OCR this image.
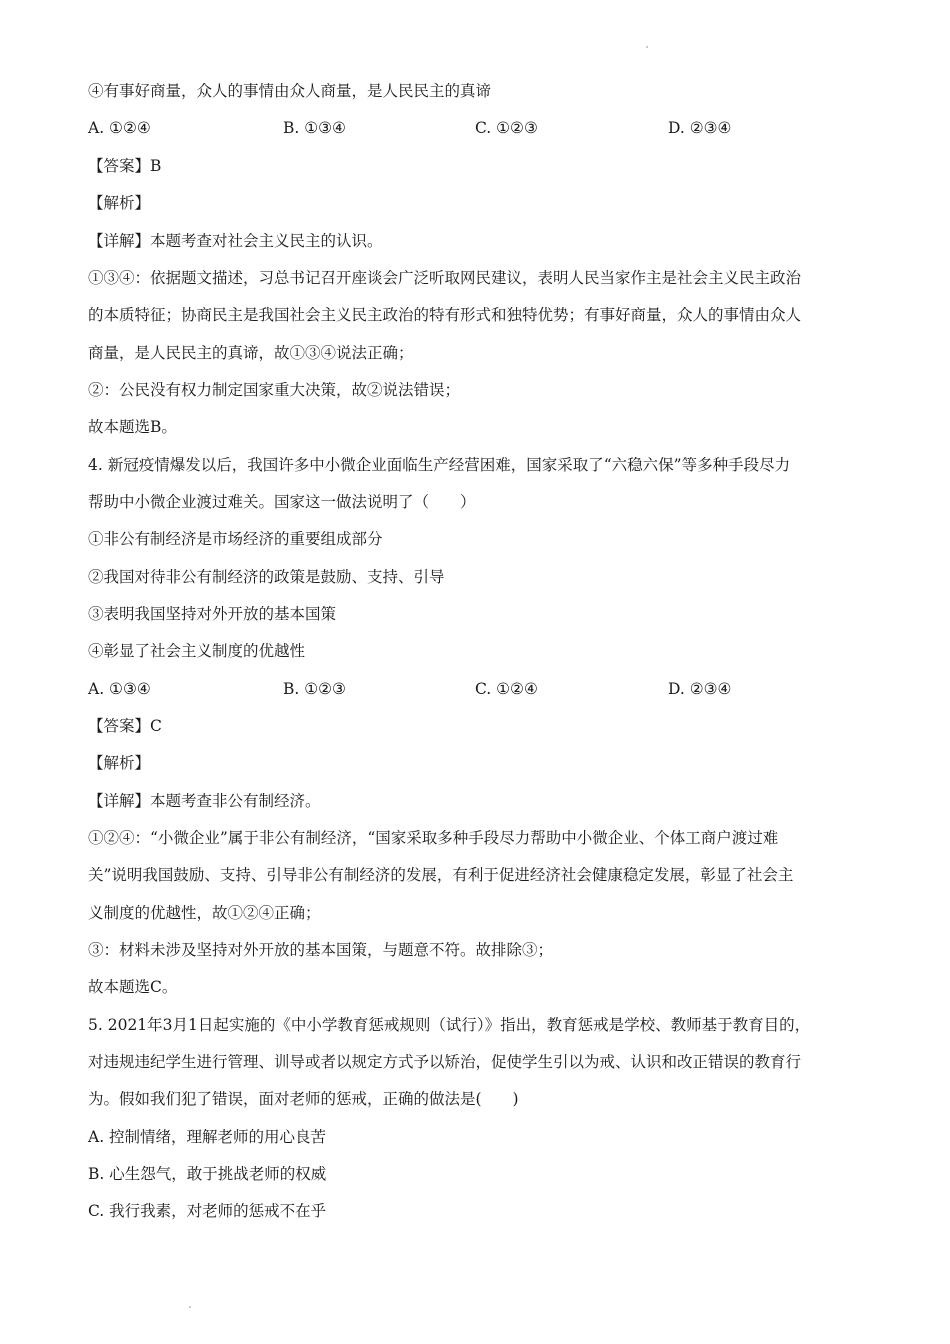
④有事好商量，众人的事情由众人商量，是人民民主的真谛
A. ①②④	B. ①③④	C. ①②③	D. ②③④
【答案】B
【解析】
【详解】本题考查对社会主义民主的认识。
①③④：依据题文描述，习总书记召开座谈会广泛听取网民建议，表明人民当家作主是社会主义民主政治
的本质特征；协商民主是我国社会主义民主政治的特有形式和独特优势；有事好商量，众人的事情由众人
商量，是人民民主的真谛，故①③④说法正确；
②：公民没有权力制定国家重大决策，故②说法错误；
故本题选B。
4. 新冠疫情爆发以后，我国许多中小微企业面临生产经营困难，国家采取了“六稳六保”等多种手段尽力
帮助中小微企业渡过难关。国家这一做法说明了（　　）
①非公有制经济是市场经济的重要组成部分
②我国对待非公有制经济的政策是鼓励、支持、引导
③表明我国坚持对外开放的基本国策
④彰显了社会主义制度的优越性
A. ①③④	B. ①②③	C. ①②④	D. ②③④
【答案】C
【解析】
【详解】本题考查非公有制经济。
①②④：“小微企业”属于非公有制经济，“国家采取多种手段尽力帮助中小微企业、个体工商户渡过难
关”说明我国鼓励、支持、引导非公有制经济的发展，有利于促进经济社会健康稳定发展，彰显了社会主
义制度的优越性，故①②④正确；
③：材料未涉及坚持对外开放的基本国策，与题意不符。故排除③；
故本题选C。
5. 2021年3月1日起实施的《中小学教育惩戒规则（试行）》指出，教育惩戒是学校、教师基于教育目的，
对违规违纪学生进行管理、训导或者以规定方式予以矫治，促使学生引以为戒、认识和改正错误的教育行
为。假如我们犯了错误，面对老师的惩戒，正确的做法是(　　)
A. 控制情绪，理解老师的用心良苦
B. 心生怨气，敢于挑战老师的权威
C. 我行我素，对老师的惩戒不在乎
